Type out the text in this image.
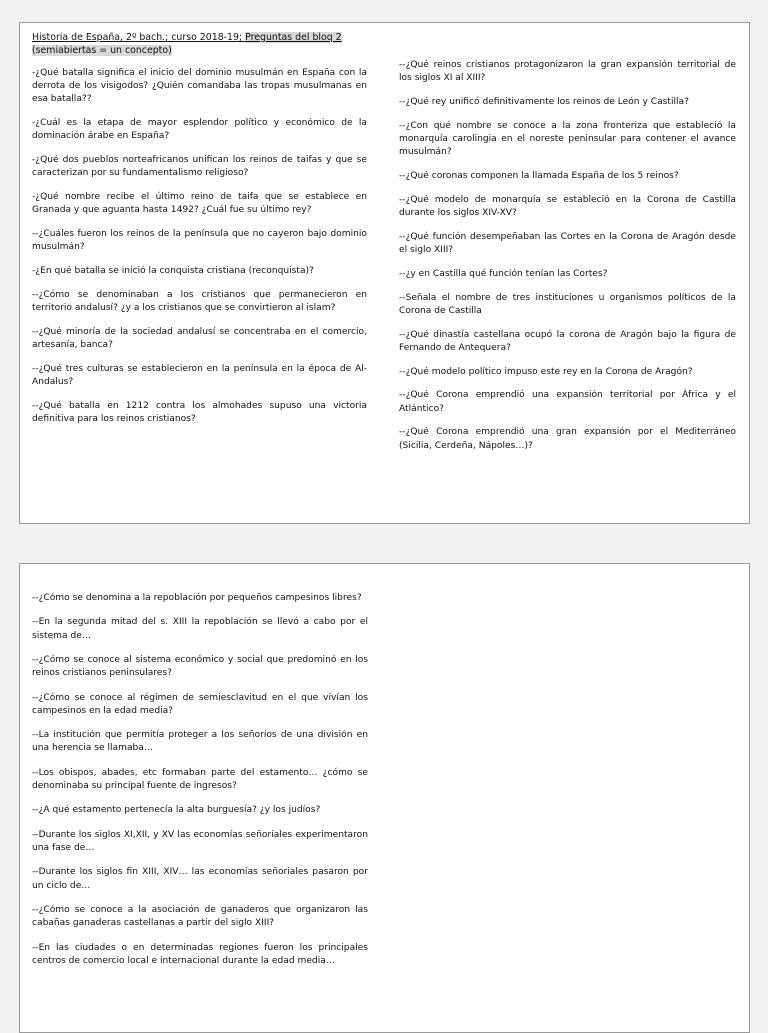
Historia de España, 2º bach.; curso 2018-19; Preguntas del bloq 2
(semiabiertas = un concepto)

-¿Qué batalla significa el inicio del dominio musulmán en España con la derrota de los visigodos? ¿Quién comandaba las tropas musulmanas en esa batalla??

-¿Cuál es la etapa de mayor esplendor político y económico de la dominación árabe en España?

-¿Qué dos pueblos norteafricanos unifican los reinos de taifas y que se caracterizan por su fundamentalismo religioso?

-¿Qué nombre recibe el último reino de taifa que se establece en Granada y que aguanta hasta 1492? ¿Cuál fue su último rey?

--¿Cuáles fueron los reinos de la península que no cayeron bajo dominio musulmán?

-¿En qué batalla se inició la conquista cristiana (reconquista)?

--¿Cómo se denominaban a los cristianos que permanecieron en territorio andalusí? ¿y a los cristianos que se convirtieron al islam?

--¿Qué minoría de la sociedad andalusí se concentraba en el comercio, artesanía, banca?

--¿Qué tres culturas se establecieron en la península en la época de Al-Andalus?

--¿Qué batalla en 1212 contra los almohades supuso una victoria definitiva para los reinos cristianos?

--¿Qué reinos cristianos protagonizaron la gran expansión territorial de los siglos XI al XIII?

--¿Qué rey unificó definitivamente los reinos de León y Castilla?

--¿Con qué nombre se conoce a la zona fronteriza que estableció la monarquía carolingia en el noreste peninsular para contener el avance musulmán?

--¿Qué coronas componen la llamada España de los 5 reinos?

--¿Qué modelo de monarquía se estableció en la Corona de Castilla durante los siglos XIV-XV?

--¿Qué función desempeñaban las Cortes en la Corona de Aragón desde el siglo XIII?

--¿y en Castilla qué función tenían las Cortes?

--Señala el nombre de tres instituciones u organismos políticos de la Corona de Castilla

--¿Qué dinastía castellana ocupó la corona de Aragón bajo la figura de Fernando de Antequera?

--¿Qué modelo político impuso este rey en la Corona de Aragón?

--¿Qué Corona emprendió una expansión territorial por África y el Atlántico?

--¿Qué Corona emprendió una gran expansión por el Mediterráneo (Sicilia, Cerdeña, Nápoles…)?

--¿Cómo se denomina a la repoblación por pequeños campesinos libres?

--En la segunda mitad del s. XIII la repoblación se llevó a cabo por el sistema de…

--¿Cómo se conoce al sistema económico y social que predominó en los reinos cristianos peninsulares?

--¿Cómo se conoce al régimen de semiesclavitud en el que vivían los campesinos en la edad media?

--La institución que permitía proteger a los señoríos de una división en una herencia se llamaba…

--Los obispos, abades, etc formaban parte del estamento… ¿cómo se denominaba su principal fuente de ingresos?

--¿A qué estamento pertenecía la alta burguesía? ¿y los judíos?

--Durante los siglos XI,XII, y XV las economías señoriales experimentaron una fase de…

--Durante los siglos fin XIII, XIV… las economías señoriales pasaron por un ciclo de…

--¿Cómo se conoce a la asociación de ganaderos que organizaron las cabañas ganaderas castellanas a partir del siglo XIII?

--En las ciudades o en determinadas regiones fueron los principales centros de comercio local e internacional durante la edad media…
